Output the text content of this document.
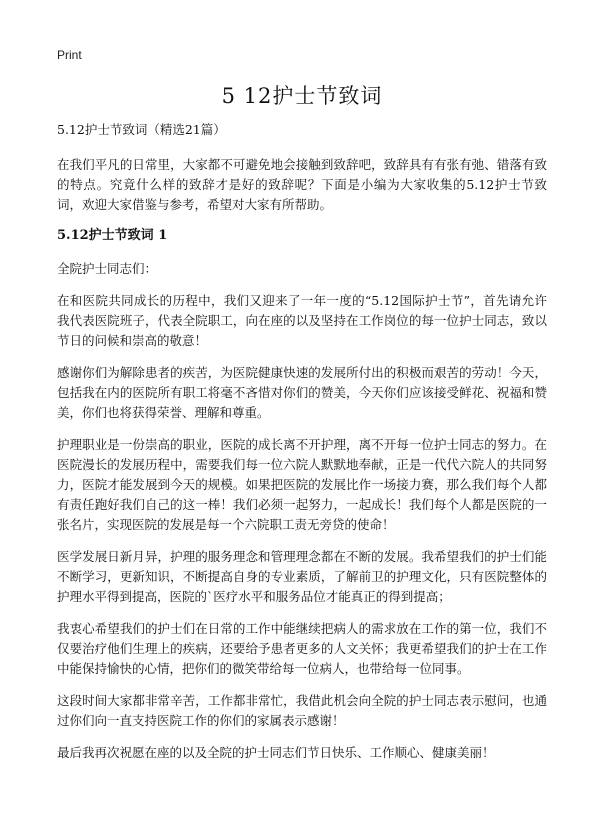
Print
5 12护士节致词
5.12护士节致词（精选21篇）

在我们平凡的日常里，大家都不可避免地会接触到致辞吧，致辞具有有张有弛、错落有致的特点。究竟什么样的致辞才是好的致辞呢？下面是小编为大家收集的5.12护士节致词，欢迎大家借鉴与参考，希望对大家有所帮助。

5.12护士节致词 1

全院护士同志们：

在和医院共同成长的历程中，我们又迎来了一年一度的“5.12国际护士节”，首先请允许我代表医院班子，代表全院职工，向在座的以及坚持在工作岗位的每一位护士同志，致以节日的问候和崇高的敬意！

感谢你们为解除患者的疾苦，为医院健康快速的发展所付出的积极而艰苦的劳动！今天，包括我在内的医院所有职工将毫不吝惜对你们的赞美，今天你们应该接受鲜花、祝福和赞美，你们也将获得荣誉、理解和尊重。

护理职业是一份崇高的职业，医院的成长离不开护理，离不开每一位护士同志的努力。在医院漫长的发展历程中，需要我们每一位六院人默默地奉献，正是一代代六院人的共同努力，医院才能发展到今天的规模。如果把医院的发展比作一场接力赛，那么我们每个人都有责任跑好我们自己的这一棒！我们必须一起努力，一起成长！我们每个人都是医院的一张名片，实现医院的发展是每一个六院职工责无旁贷的使命！

医学发展日新月异，护理的服务理念和管理理念都在不断的发展。我希望我们的护士们能不断学习，更新知识，不断提高自身的专业素质，了解前卫的护理文化，只有医院整体的护理水平得到提高，医院的`医疗水平和服务品位才能真正的得到提高；

我衷心希望我们的护士们在日常的工作中能继续把病人的需求放在工作的第一位，我们不仅要治疗他们生理上的疾病，还要给予患者更多的人文关怀；我更希望我们的护士在工作中能保持愉快的心情，把你们的微笑带给每一位病人，也带给每一位同事。

这段时间大家都非常辛苦，工作都非常忙，我借此机会向全院的护士同志表示慰问，也通过你们向一直支持医院工作的你们的家属表示感谢！

最后我再次祝愿在座的以及全院的护士同志们节日快乐、工作顺心、健康美丽！
